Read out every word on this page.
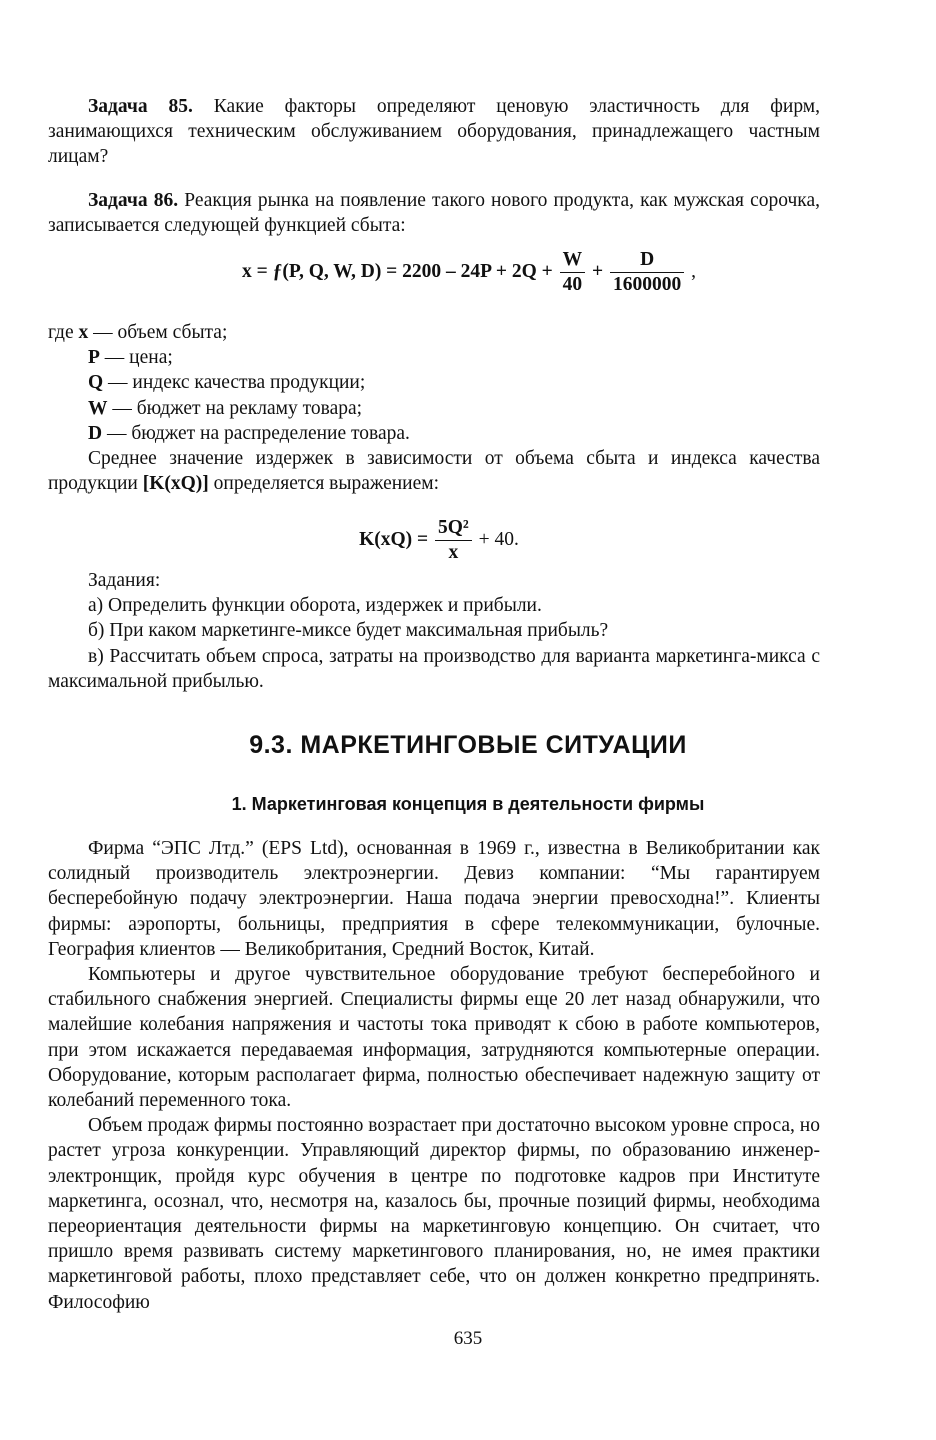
Задача 85. Какие факторы определяют ценовую эластичность для фирм, занимающихся техническим обслуживанием оборудования, принадлежащего частным лицам?

Задача 86. Реакция рынка на появление такого нового продукта, как мужская сорочка, записывается следующей функцией сбыта:

x = ƒ(P, Q, W, $D) = 2200 - 24P + 2Q + \frac{W}{40} + \frac{D}{1600000}$ ,

где x — объем сбыта;

P — цена;

Q — индекс качества продукции;

W — бюджет на рекламу товара;

D — бюджет на распределение товара.

Среднее значение издержек в зависимости от объема сбыта и индекса качества продукции [K(xQ)] определяется выражением:

$K(xQ) = \frac{\text{5Q²}}{x} + 40$.

Задания:

а) Определить функции оборота, издержек и прибыли.

б) При каком маркетинге-миксе будет максимальная прибыль?

в) Рассчитать объем спроса, затраты на производство для варианта маркетинга-микса с максимальной прибылью.

9.3. МАРКЕТИНГОВЫЕ СИТУАЦИИ
1. Маркетинговая концепция в деятельности фирмы

Фирма “ЭПС Лтд.” (EPS Ltd), основанная в 1969 г., известна в Великобритании как солидный производитель электроэнергии. Девиз компании: “Мы гарантируем бесперебойную подачу электроэнергии. Наша подача энергии превосходна!”. Клиенты фирмы: аэропорты, больницы, предприятия в сфере телекоммуникации, булочные. География клиентов — Великобритания, Средний Восток, Китай.

Компьютеры и другое чувствительное оборудование требуют бесперебойного и стабильного снабжения энергией. Специалисты фирмы еще 20 лет назад обнаружили, что малейшие колебания напряжения и частоты тока приводят к сбою в работе компьютеров, при этом искажается передаваемая информация, затрудняются компьютерные операции. Оборудование, которым располагает фирма, полностью обеспечивает надежную защиту от колебаний переменного тока.

Объем продаж фирмы постоянно возрастает при достаточно высоком уровне спроса, но растет угроза конкуренции. Управляющий директор фирмы, по образованию инженер-электронщик, пройдя курс обучения в центре по подготовке кадров при Институте маркетинга, осознал, что, несмотря на, казалось бы, прочные позиций фирмы, необходима переориентация деятельности фирмы на маркетинговую концепцию. Он считает, что пришло время развивать систему маркетингового планирования, но, не имея практики маркетинговой работы, плохо представляет себе, что он должен конкретно предпринять. Философию

635
